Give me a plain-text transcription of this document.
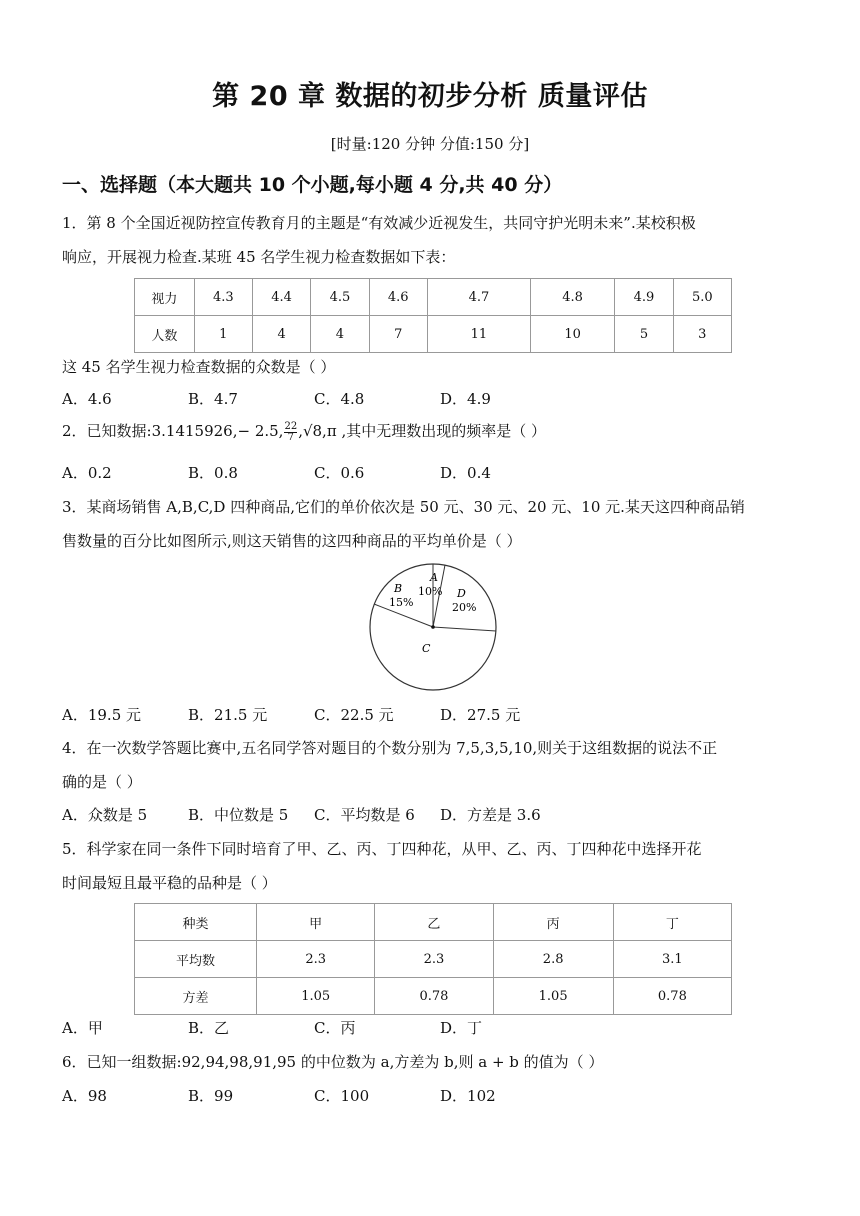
第 20 章 数据的初步分析 质量评估
[时量:120 分钟 分值:150 分]
一、选择题（本大题共 10 个小题,每小题 4 分,共 40 分）
1．第 8 个全国近视防控宣传教育月的主题是“有效减少近视发生，共同守护光明未来”.某校积极
响应，开展视力检查.某班 45 名学生视力检查数据如下表：
视力	4.3	4.4	4.5	4.6	4.7	4.8	4.9	5.0
人数	1	4	4	7	11	10	5	3
这 45 名学生视力检查数据的众数是（ ）
A．4.6	B．4.7	C．4.8	D．4.9
2．已知数据:3.1415926,− 2.5, $\frac{22}{7} ,√8,\pi$ ,其中无理数出现的频率是（ ）
A．0.2	B．0.8	C．0.6	D．0.4
3．某商场销售 A,B,C,D 四种商品,它们的单价依次是 50 元、30 元、20 元、10 元.某天这四种商品销
售数量的百分比如图所示,则这天销售的这四种商品的平均单价是（ ）
A
10%
B
15%
D
20%
C
A．19.5 元	B．21.5 元	C．22.5 元	D．27.5 元
4．在一次数学答题比赛中,五名同学答对题目的个数分别为 7,5,3,5,10,则关于这组数据的说法不正
确的是（ ）
A．众数是 5	B．中位数是 5 C．平均数是 6 D．方差是 3.6
5．科学家在同一条件下同时培育了甲、乙、丙、丁四种花，从甲、乙、丙、丁四种花中选择开花
时间最短且最平稳的品种是（ ）
种类	甲	乙	丙	丁
平均数	2.3	2.3	2.8	3.1
方差	1.05	0.78	1.05	0.78
A．甲	B．乙	C．丙	D．丁
6．已知一组数据:92,94,98,91,95 的中位数为 a,方差为 b,则 a + b 的值为（ ）
A．98	B．99	C．100	D．102
